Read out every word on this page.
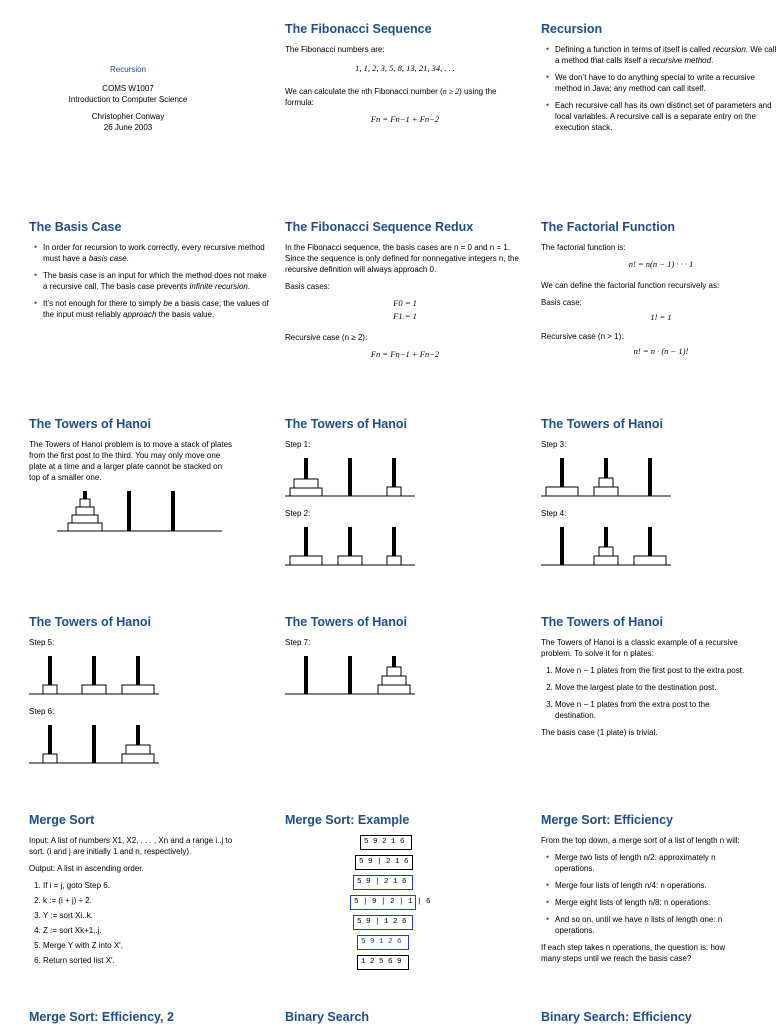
Recursion
COMS W1007
Introduction to Computer Science
Christopher Conway
26 June 2003
The Fibonacci Sequence

The Fibonacci numbers are:

1, 1, 2, 3, 5, 8, 13, 21, 34, . . .

We can calculate the nth Fibonacci number (n ≥ 2) using the formula:

Fn = Fn−1 + Fn−2
Recursion
• Defining a function in terms of itself is called recursion. We call a method that calls itself a recursive method.
• We don’t have to do anything special to write a recursive method in Java; any method can call itself.
• Each recursive call has its own distinct set of parameters and local variables. A recursive call is a separate entry on the execution stack.
The Basis Case
• In order for recursion to work correctly, every recursive method must have a basis case.
• The basis case is an input for which the method does not make a recursive call. The basis case prevents infinite recursion.
• It’s not enough for there to simply be a basis case; the values of the input must reliably approach the basis value.
The Fibonacci Sequence Redux

In the Fibonacci sequence, the basis cases are n = 0 and n = 1. Since the sequence is only defined for nonnegative integers n, the recursive definition will always approach 0.

Basis cases:

F0 = 1
F1 = 1

Recursive case (n ≥ 2):

Fn = Fn−1 + Fn−2
The Factorial Function

The factorial function is:

n! = n(n − 1) · · · 1

We can define the factorial function recursively as:

Basis case:

1! = 1

Recursive case (n > 1):

n! = n · (n − 1)!
The Towers of Hanoi

The Towers of Hanoi problem is to move a stack of plates from the first post to the third. You may only move one plate at a time and a larger plate cannot be stacked on top of a smaller one.

The Towers of Hanoi

Step 1:

Step 2:

The Towers of Hanoi

Step 3:

Step 4:

The Towers of Hanoi

Step 5:

Step 6:

The Towers of Hanoi

Step 7:

The Towers of Hanoi

The Towers of Hanoi is a classic example of a recursive problem. To solve it for n plates:

1. Move n − 1 plates from the first post to the extra post.
2. Move the largest plate to the destination post.
3. Move n − 1 plates from the extra post to the destination.

The basis case (1 plate) is trivial.

Merge Sort

Input: A list of numbers X1, X2, . . . , Xn and a range i..j to sort. (i and j are initially 1 and n, respectively).

Output: A list in ascending order.

1. If i = j, goto Step 6.
2. k := (i + j) ÷ 2.
3. Y := sort Xi..k.
4. Z := sort Xk+1..j.
5. Merge Y with Z into X′.
6. Return sorted list X′.
Merge Sort: Example
5 9 2 1 6
5 9 | 2 1 6
5 9 | 2 1 6
5 | 9 | 2 | 1 | 6
5 9 | 1 2 6
5 9 1 2 6
1 2 5 6 9
Merge Sort: Efficiency

From the top down, a merge sort of a list of length n will:

• Merge two lists of length n/2: approximately n operations.
• Merge four lists of length n/4: n operations.
• Merge eight lists of length n/8: n operations.
• And so on, until we have n lists of length one: n operations.

If each step takes n operations, the question is: how many steps until we reach the basis case?

Merge Sort: Efficiency, 2	Binary Search	Binary Search: Efficiency
